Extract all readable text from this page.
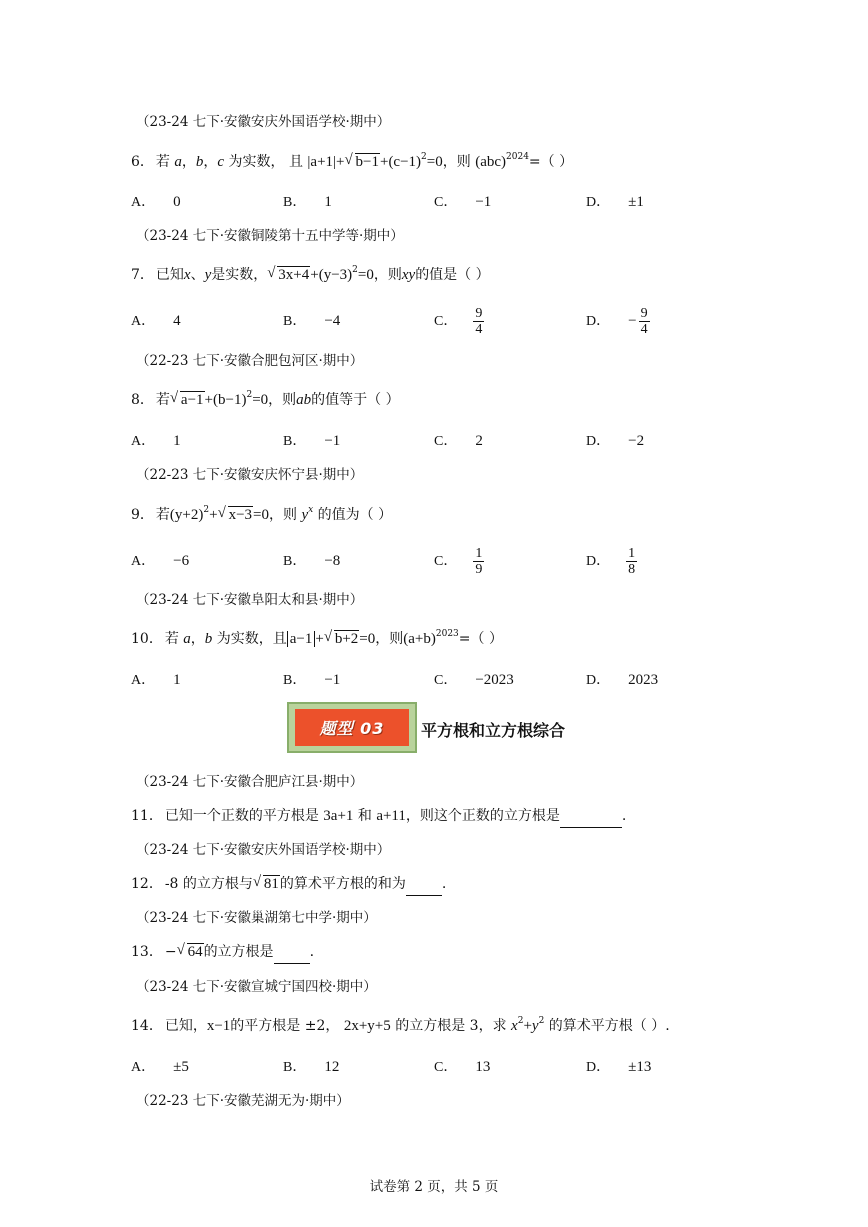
（23-24 七下·安徽安庆外国语学校·期中）
6． 若 a，b，c 为实数， 且 |a+1|+√ $b-1+(c-1)^2=0$，则 (abc)$^{2024}$=（ ）
A． 0	B． 1	C． −1	D． ±1
（23-24 七下·安徽铜陵第十五中学等·期中）
7． 已知x、y是实数，√ $3x+4+(y-3)^2=0$，则xy的值是（ ）
A． 4	B． −4	C． $\frac{9}{4}$	D． − $\frac{9}{4}$
（22-23 七下·安徽合肥包河区·期中）
8． 若√ $a-1+(b-1)^2=0$，则ab的值等于（ ）
A． 1	B． −1	C． 2	D． −2
（22-23 七下·安徽安庆怀宁县·期中）
9． 若$(y+2)^2+√$ x−3=0，则 $y^x$ 的值为（ ）
A． −6	B． −8	C． $\frac{1}{9}$	D． $\frac{1}{8}$
（23-24 七下·安徽阜阳太和县·期中）
10． 若 a，b 为实数，且 a−1 +√ b+2=0，则$(a+b)^{2023}=$（ ）
A． 1	B． −1	C． −2023	D． 2023
题型 03 平方根和立方根综合
（23-24 七下·安徽合肥庐江县·期中）
11． 已知一个正数的平方根是 3a+1 和 a+11，则这个正数的立方根是	.
（23-24 七下·安徽安庆外国语学校·期中）
12． -8 的立方根与√ 81的算术平方根的和为	.
（23-24 七下·安徽巢湖第七中学·期中）
13． −√ 64的立方根是	.
（23-24 七下·安徽宣城宁国四校·期中）
14． 已知，x−1的平方根是 ±2， 2x+y+5 的立方根是 3，求 $x^2+y^2$ 的算术平方根（ ）.
A． ±5	B． 12	C． 13	D． ±13
（22-23 七下·安徽芜湖无为·期中）
试卷第 2 页，共 5 页
